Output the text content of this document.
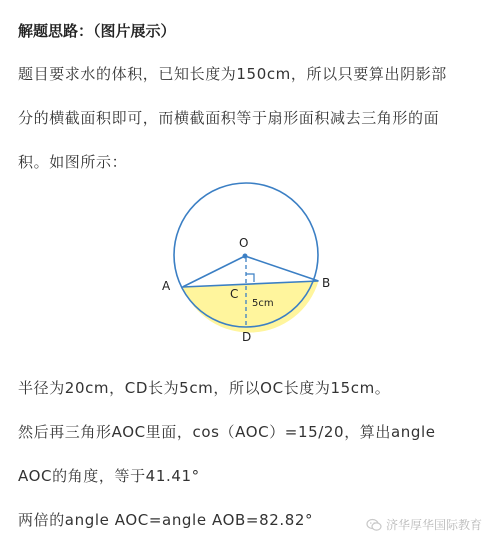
解题思路：（图片展示）
题目要求水的体积，已知长度为150cm，所以只要算出阴影部
分的横截面积即可，而横截面积等于扇形面积减去三角形的面
积。如图所示：
O
A	B
C
D
5cm
半径为20cm，CD长为5cm，所以OC长度为15cm。
然后再三角形AOC里面，cos（AOC）=15/20，算出angle
AOC的角度，等于41.41°
两倍的angle AOC=angle AOB=82.82°	济华厚华国际教育
